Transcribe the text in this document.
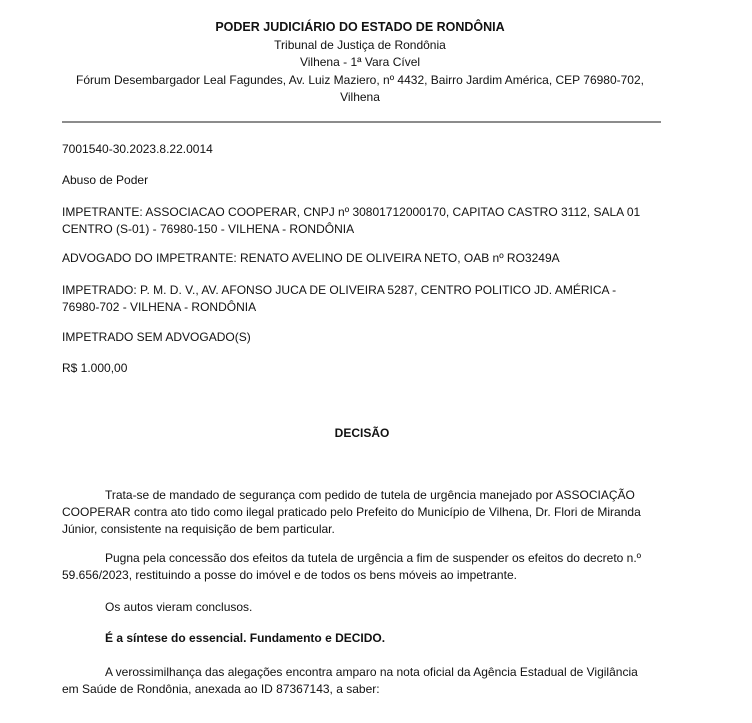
PODER JUDICIÁRIO DO ESTADO DE RONDÔNIA
Tribunal de Justiça de Rondônia
Vilhena - 1ª Vara Cível
Fórum Desembargador Leal Fagundes, Av. Luiz Maziero, nº 4432, Bairro Jardim América, CEP 76980-702,
Vilhena
7001540-30.2023.8.22.0014
Abuso de Poder
IMPETRANTE: ASSOCIACAO COOPERAR, CNPJ nº 30801712000170, CAPITAO CASTRO 3112, SALA 01
CENTRO (S-01) - 76980-150 - VILHENA - RONDÔNIA
ADVOGADO DO IMPETRANTE: RENATO AVELINO DE OLIVEIRA NETO, OAB nº RO3249A
IMPETRADO: P. M. D. V., AV. AFONSO JUCA DE OLIVEIRA 5287, CENTRO POLITICO JD. AMÉRICA -
76980-702 - VILHENA - RONDÔNIA
IMPETRADO SEM ADVOGADO(S)
R$ 1.000,00
DECISÃO
Trata-se de mandado de segurança com pedido de tutela de urgência manejado por ASSOCIAÇÃO
COOPERAR contra ato tido como ilegal praticado pelo Prefeito do Município de Vilhena, Dr. Flori de Miranda
Júnior, consistente na requisição de bem particular.
Pugna pela concessão dos efeitos da tutela de urgência a fim de suspender os efeitos do decreto n.º
59.656/2023, restituindo a posse do imóvel e de todos os bens móveis ao impetrante.
Os autos vieram conclusos.
É a síntese do essencial. Fundamento e DECIDO.
A verossimilhança das alegações encontra amparo na nota oficial da Agência Estadual de Vigilância
em Saúde de Rondônia, anexada ao ID 87367143, a saber:
